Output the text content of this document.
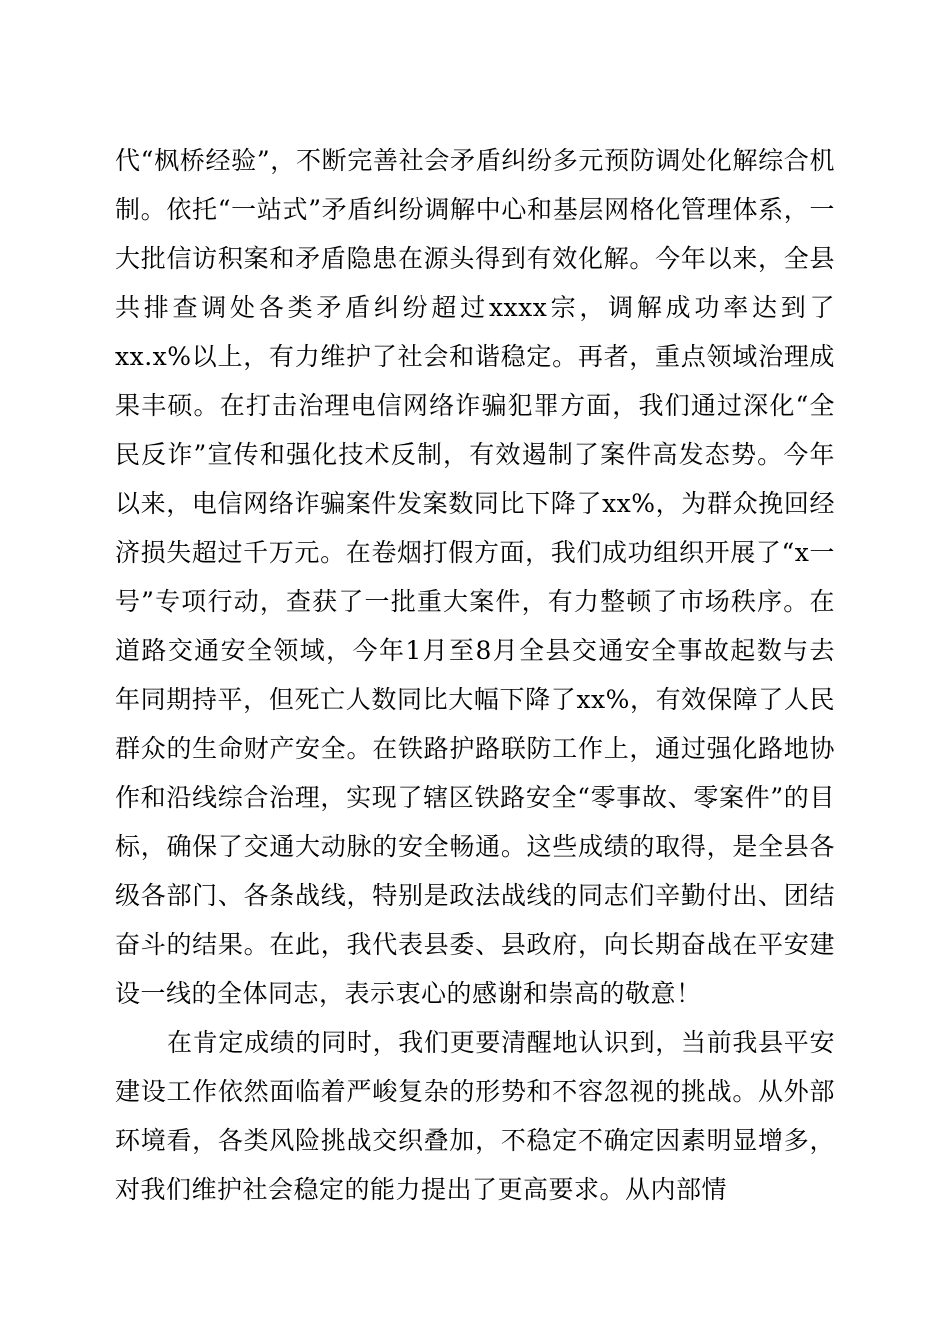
代“枫桥经验”，不断完善社会矛盾纠纷多元预防调处化解综合机制。依托“一站式”矛盾纠纷调解中心和基层网格化管理体系，一大批信访积案和矛盾隐患在源头得到有效化解。今年以来，全县共排查调处各类矛盾纠纷超过xxxx宗，调解成功率达到了 xx.x%以上，有力维护了社会和谐稳定。再者，重点领域治理成果丰硕。在打击治理电信网络诈骗犯罪方面，我们通过深化“全民反诈”宣传和强化技术反制，有效遏制了案件高发态势。今年以来，电信网络诈骗案件发案数同比下降了xx%，为群众挽回经济损失超过千万元。在卷烟打假方面，我们成功组织开展了“x一号”专项行动，查获了一批重大案件，有力整顿了市场秩序。在道路交通安全领域，今年1月至8月全县交通安全事故起数与去年同期持平，但死亡人数同比大幅下降了xx%，有效保障了人民群众的生命财产安全。在铁路护路联防工作上，通过强化路地协作和沿线综合治理，实现了辖区铁路安全“零事故、零案件”的目标，确保了交通大动脉的安全畅通。这些成绩的取得，是全县各级各部门、各条战线，特别是政法战线的同志们辛勤付出、团结奋斗的结果。在此，我代表县委、县政府，向长期奋战在平安建设一线的全体同志，表示衷心的感谢和崇高的敬意！

在肯定成绩的同时，我们更要清醒地认识到，当前我县平安建设工作依然面临着严峻复杂的形势和不容忽视的挑战。从外部环境看，各类风险挑战交织叠加，不稳定不确定因素明显增多，对我们维护社会稳定的能力提出了更高要求。从内部情
